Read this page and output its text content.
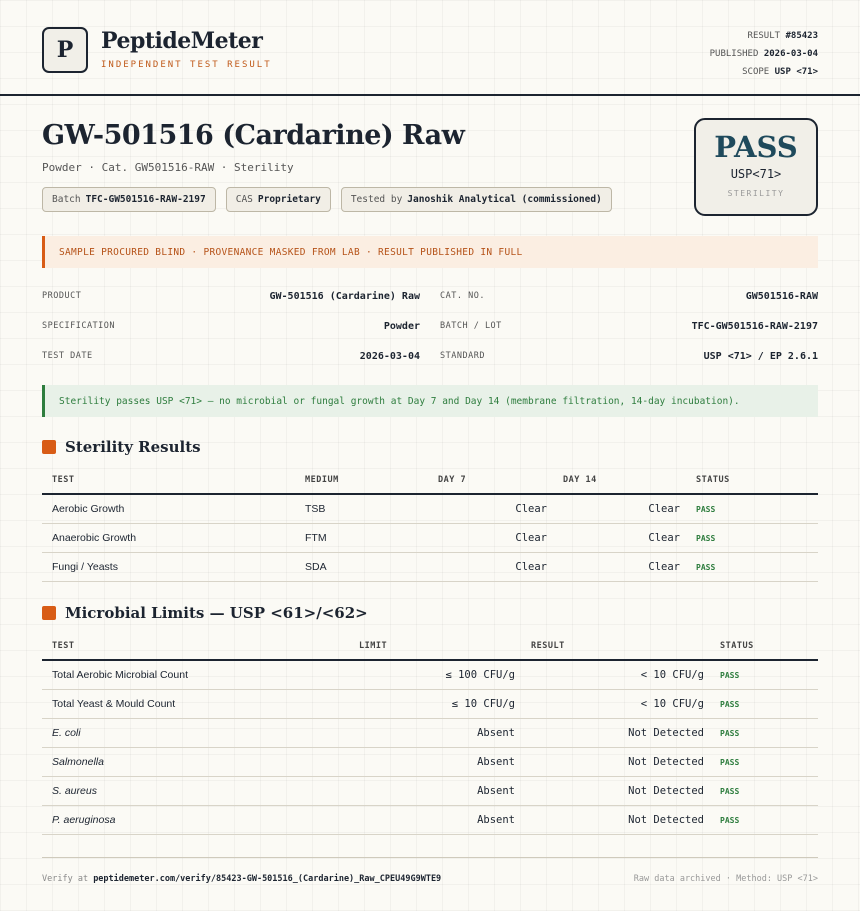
P	PeptideMeter
INDEPENDENT TEST RESULT
RESULT #85423
PUBLISHED 2026-03-04
SCOPE USP <71>
GW-501516 (Cardarine) Raw
Powder · Cat. GW501516-RAW · Sterility
Batch TFC-GW501516-RAW-2197	CAS Proprietary	Tested by Janoshik Analytical (commissioned)
PASS
USP<71>
STERILITY
SAMPLE PROCURED BLIND · PROVENANCE MASKED FROM LAB · RESULT PUBLISHED IN FULL
PRODUCT	GW-501516 (Cardarine) Raw CAT. NO.	GW501516-RAW
SPECIFICATION	Powder BATCH / LOT	TFC-GW501516-RAW-2197
TEST DATE	2026-03-04 STANDARD	USP <71> / EP 2.6.1
Sterility passes USP <71> — no microbial or fungal growth at Day 7 and Day 14 (membrane filtration, 14-day incubation).
Sterility Results
TEST	MEDIUM	DAY 7	DAY 14	STATUS
Aerobic Growth	TSB	Clear	Clear	PASS
Anaerobic Growth	FTM	Clear	Clear	PASS
Fungi / Yeasts	SDA	Clear	Clear	PASS
Microbial Limits — USP <61>/<62>
TEST	LIMIT	RESULT	STATUS
Total Aerobic Microbial Count	≤ 100 CFU/g	< 10 CFU/g	PASS
Total Yeast & Mould Count	≤ 10 CFU/g	< 10 CFU/g	PASS
E. coli	Absent	Not Detected	PASS
Salmonella	Absent	Not Detected	PASS
S. aureus	Absent	Not Detected	PASS
P. aeruginosa	Absent	Not Detected	PASS
Verify at peptidemeter.com/verify/85423-GW-501516_(Cardarine)_Raw_CPEU49G9WTE9	Raw data archived · Method: USP <71>
